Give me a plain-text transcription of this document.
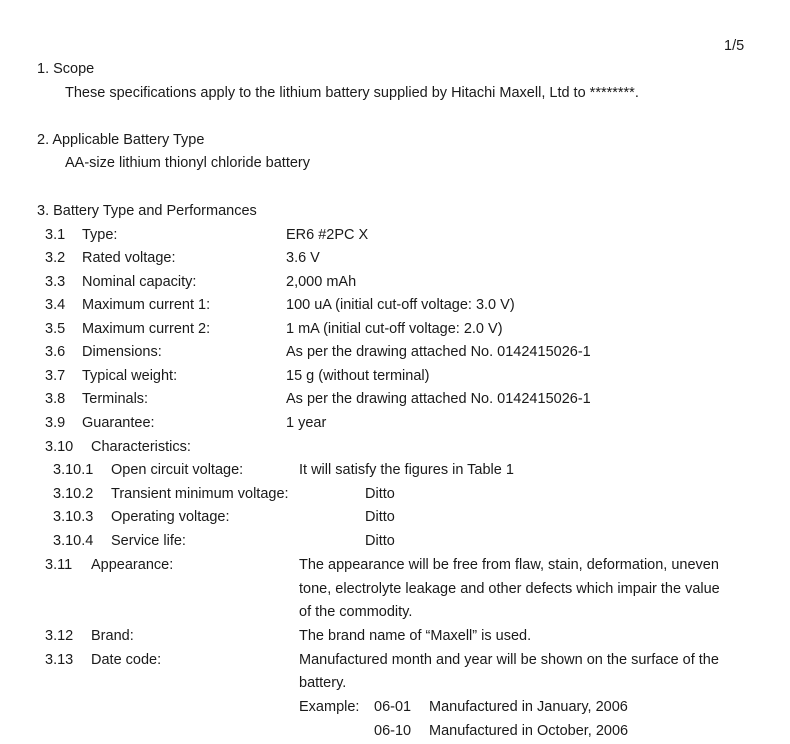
1/5
1. Scope
These specifications apply to the lithium battery supplied by Hitachi Maxell, Ltd to ********.
2. Applicable Battery Type
AA-size lithium thionyl chloride battery
3. Battery Type and Performances
3.1 Type:	ER6 #2PC X
3.2 Rated voltage:	3.6 V
3.3 Nominal capacity:	2,000 mAh
3.4 Maximum current 1:	100 uA (initial cut-off voltage: 3.0 V)
3.5 Maximum current 2:	1 mA (initial cut-off voltage: 2.0 V)
3.6 Dimensions:	As per the drawing attached No. 0142415026-1
3.7 Typical weight:	15 g (without terminal)
3.8 Terminals:	As per the drawing attached No. 0142415026-1
3.9 Guarantee:	1 year
3.10 Characteristics:
3.10.1 Open circuit voltage:	It will satisfy the figures in Table 1
3.10.2 Transient minimum voltage:	Ditto
3.10.3 Operating voltage:	Ditto
3.10.4 Service life:	Ditto
3.11 Appearance:	The appearance will be free from flaw, stain, deformation, uneven
tone, electrolyte leakage and other defects which impair the value
of the commodity.
3.12 Brand:	The brand name of “Maxell” is used.
3.13 Date code:	Manufactured month and year will be shown on the surface of the
battery.
Example: 06-01 Manufactured in January, 2006
06-10 Manufactured in October, 2006
